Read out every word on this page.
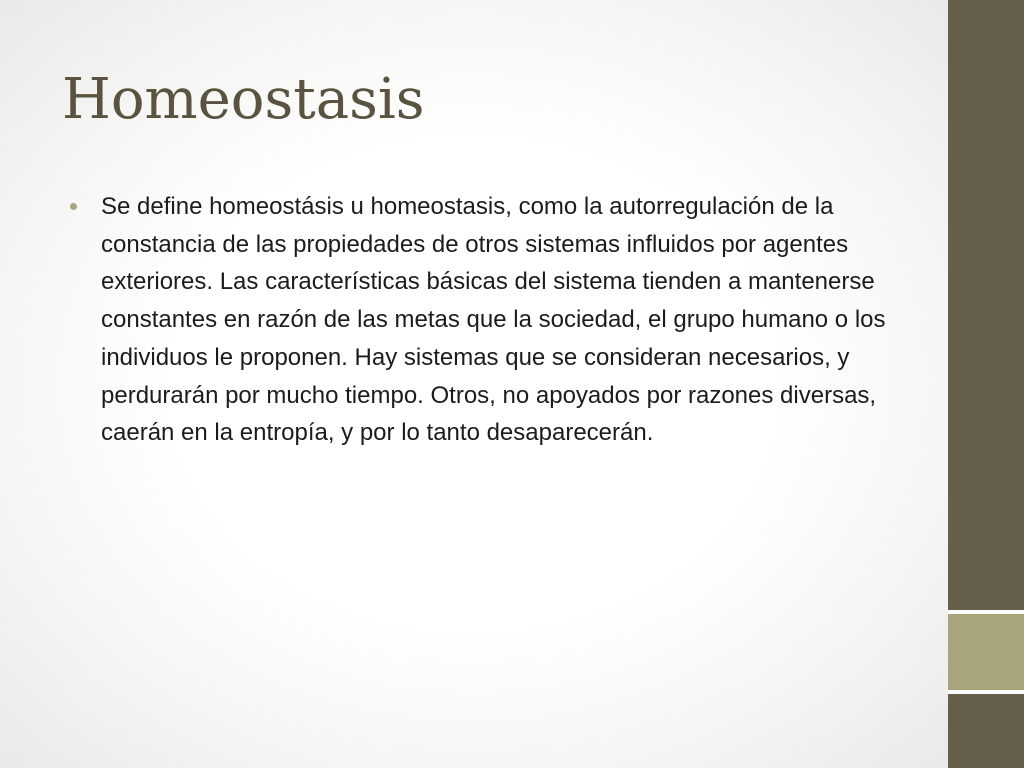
Homeostasis
Se define homeostásis u homeostasis, como la autorregulación de la constancia de las propiedades de otros sistemas influidos por agentes exteriores. Las características básicas del sistema tienden a mantenerse constantes en razón de las metas que la sociedad, el grupo humano o los individuos le proponen. Hay sistemas que se consideran necesarios, y perdurarán por mucho tiempo. Otros, no apoyados por razones diversas, caerán en la entropía, y por lo tanto desaparecerán.
